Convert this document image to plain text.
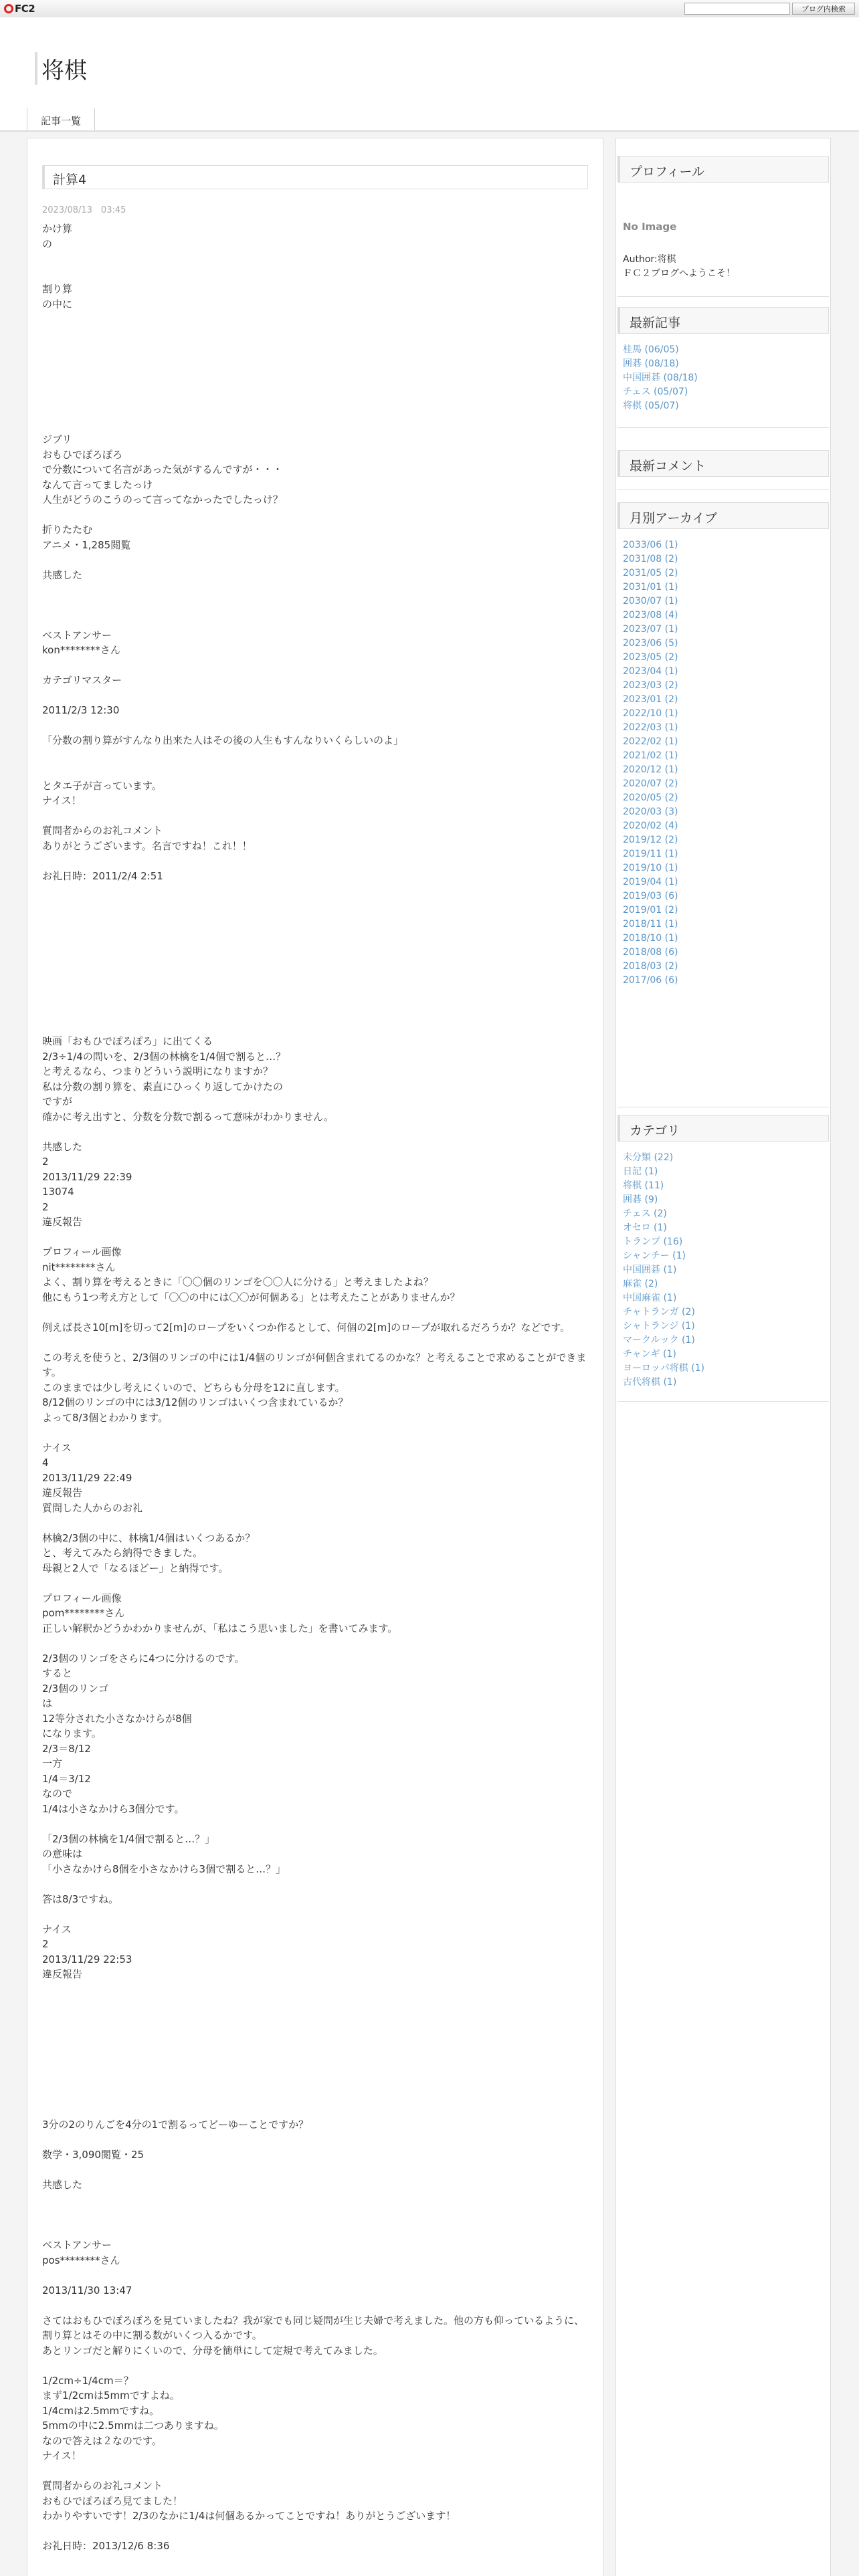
FC2	ブログ内検索
将棋
記事一覧
計算4
2023/08/13　03:45
かけ算
の

割り算
の中に

ジブリ
おもひでぽろぽろ
で分数について名言があった気がするんですが・・・
なんて言ってましたっけ
人生がどうのこうのって言ってなかったでしたっけ？

折りたたむ
アニメ・1,285閲覧

共感した

ベストアンサー
kon********さん

カテゴリマスター

2011/2/3 12:30

「分数の割り算がすんなり出来た人はその後の人生もすんなりいくらしいのよ」

とタエ子が言っています。
ナイス！

質問者からのお礼コメント
ありがとうございます。名言ですね！これ！！

お礼日時：2011/2/4 2:51

映画「おもひでぽろぽろ」に出てくる
2/3÷1/4の問いを、2/3個の林檎を1/4個で割ると…？
と考えるなら、つまりどういう説明になりますか？
私は分数の割り算を、素直にひっくり返してかけたの
ですが
確かに考え出すと、分数を分数で割るって意味がわかりません。

共感した
2
2013/11/29 22:39
13074
2
違反報告

プロフィール画像
nit********さん
よく、割り算を考えるときに「〇〇個のリンゴを〇〇人に分ける」と考えましたよね？
他にもう1つ考え方として「〇〇の中には〇〇が何個ある」とは考えたことがありませんか？

例えば長さ10[m]を切って2[m]のロープをいくつか作るとして、何個の2[m]のロープが取れるだろうか？などです。

この考えを使うと、2/3個のリンゴの中には1/4個のリンゴが何個含まれてるのかな？と考えることで求めることができます。
このままでは少し考えにくいので、どちらも分母を12に直します。
8/12個のリンゴの中には3/12個のリンゴはいくつ含まれているか？
よって8/3個とわかります。

ナイス
4
2013/11/29 22:49
違反報告
質問した人からのお礼

林檎2/3個の中に、林檎1/4個はいくつあるか？
と、考えてみたら納得できました。
母親と2人で「なるほどー」と納得です。

プロフィール画像
pom********さん
正しい解釈かどうかわかりませんが、「私はこう思いました」を書いてみます。

2/3個のリンゴをさらに4つに分けるのです。
すると
2/3個のリンゴ
は
12等分された小さなかけらが8個
になります。
2/3＝8/12
一方
1/4＝3/12
なので
1/4は小さなかけら3個分です。

「2/3個の林檎を1/4個で割ると…？」
の意味は
「小さなかけら8個を小さなかけら3個で割ると…？」

答は8/3ですね。

ナイス
2
2013/11/29 22:53
違反報告

3分の2のりんごを4分の1で割るってどーゆーことですか？

数学・3,090閲覧・25

共感した

ベストアンサー
pos********さん

2013/11/30 13:47

さてはおもひでぽろぽろを見ていましたね？我が家でも同じ疑問が生じ夫婦で考えました。他の方も仰っているように、割り算とはその中に割る数がいくつ入るかです。
あとリンゴだと解りにくいので、分母を簡単にして定規で考えてみました。

1/2cm÷1/4cm＝？
まず1/2cmは5mmですよね。
1/4cmは2.5mmですね。
5mmの中に2.5mmは二つありますね。
なので答えは２なのです。
ナイス！

質問者からのお礼コメント
おもひでぽろぽろ見てました！
わかりやすいです！2/3のなかに1/4は何個あるかってことですね！ありがとうございます！

お礼日時：2013/12/6 8:36
プロフィール
No Image
Author:将棋
ＦＣ２ブログへようこそ！
最新記事
桂馬 (06/05)
囲碁 (08/18)
中国囲碁 (08/18)
チェス (05/07)
将棋 (05/07)
最新コメント
月別アーカイブ
2033/06 (1)
2031/08 (2)
2031/05 (2)
2031/01 (1)
2030/07 (1)
2023/08 (4)
2023/07 (1)
2023/06 (5)
2023/05 (2)
2023/04 (1)
2023/03 (2)
2023/01 (2)
2022/10 (1)
2022/03 (1)
2022/02 (1)
2021/02 (1)
2020/12 (1)
2020/07 (2)
2020/05 (2)
2020/03 (3)
2020/02 (4)
2019/12 (2)
2019/11 (1)
2019/10 (1)
2019/04 (1)
2019/03 (6)
2019/01 (2)
2018/11 (1)
2018/10 (1)
2018/08 (6)
2018/03 (2)
2017/06 (6)
カテゴリ
未分類 (22)
日記 (1)
将棋 (11)
囲碁 (9)
チェス (2)
オセロ (1)
トランプ (16)
シャンチー (1)
中国囲碁 (1)
麻雀 (2)
中国麻雀 (1)
チャトランガ (2)
シャトランジ (1)
マークルック (1)
チャンギ (1)
ヨーロッパ将棋 (1)
古代将棋 (1)
